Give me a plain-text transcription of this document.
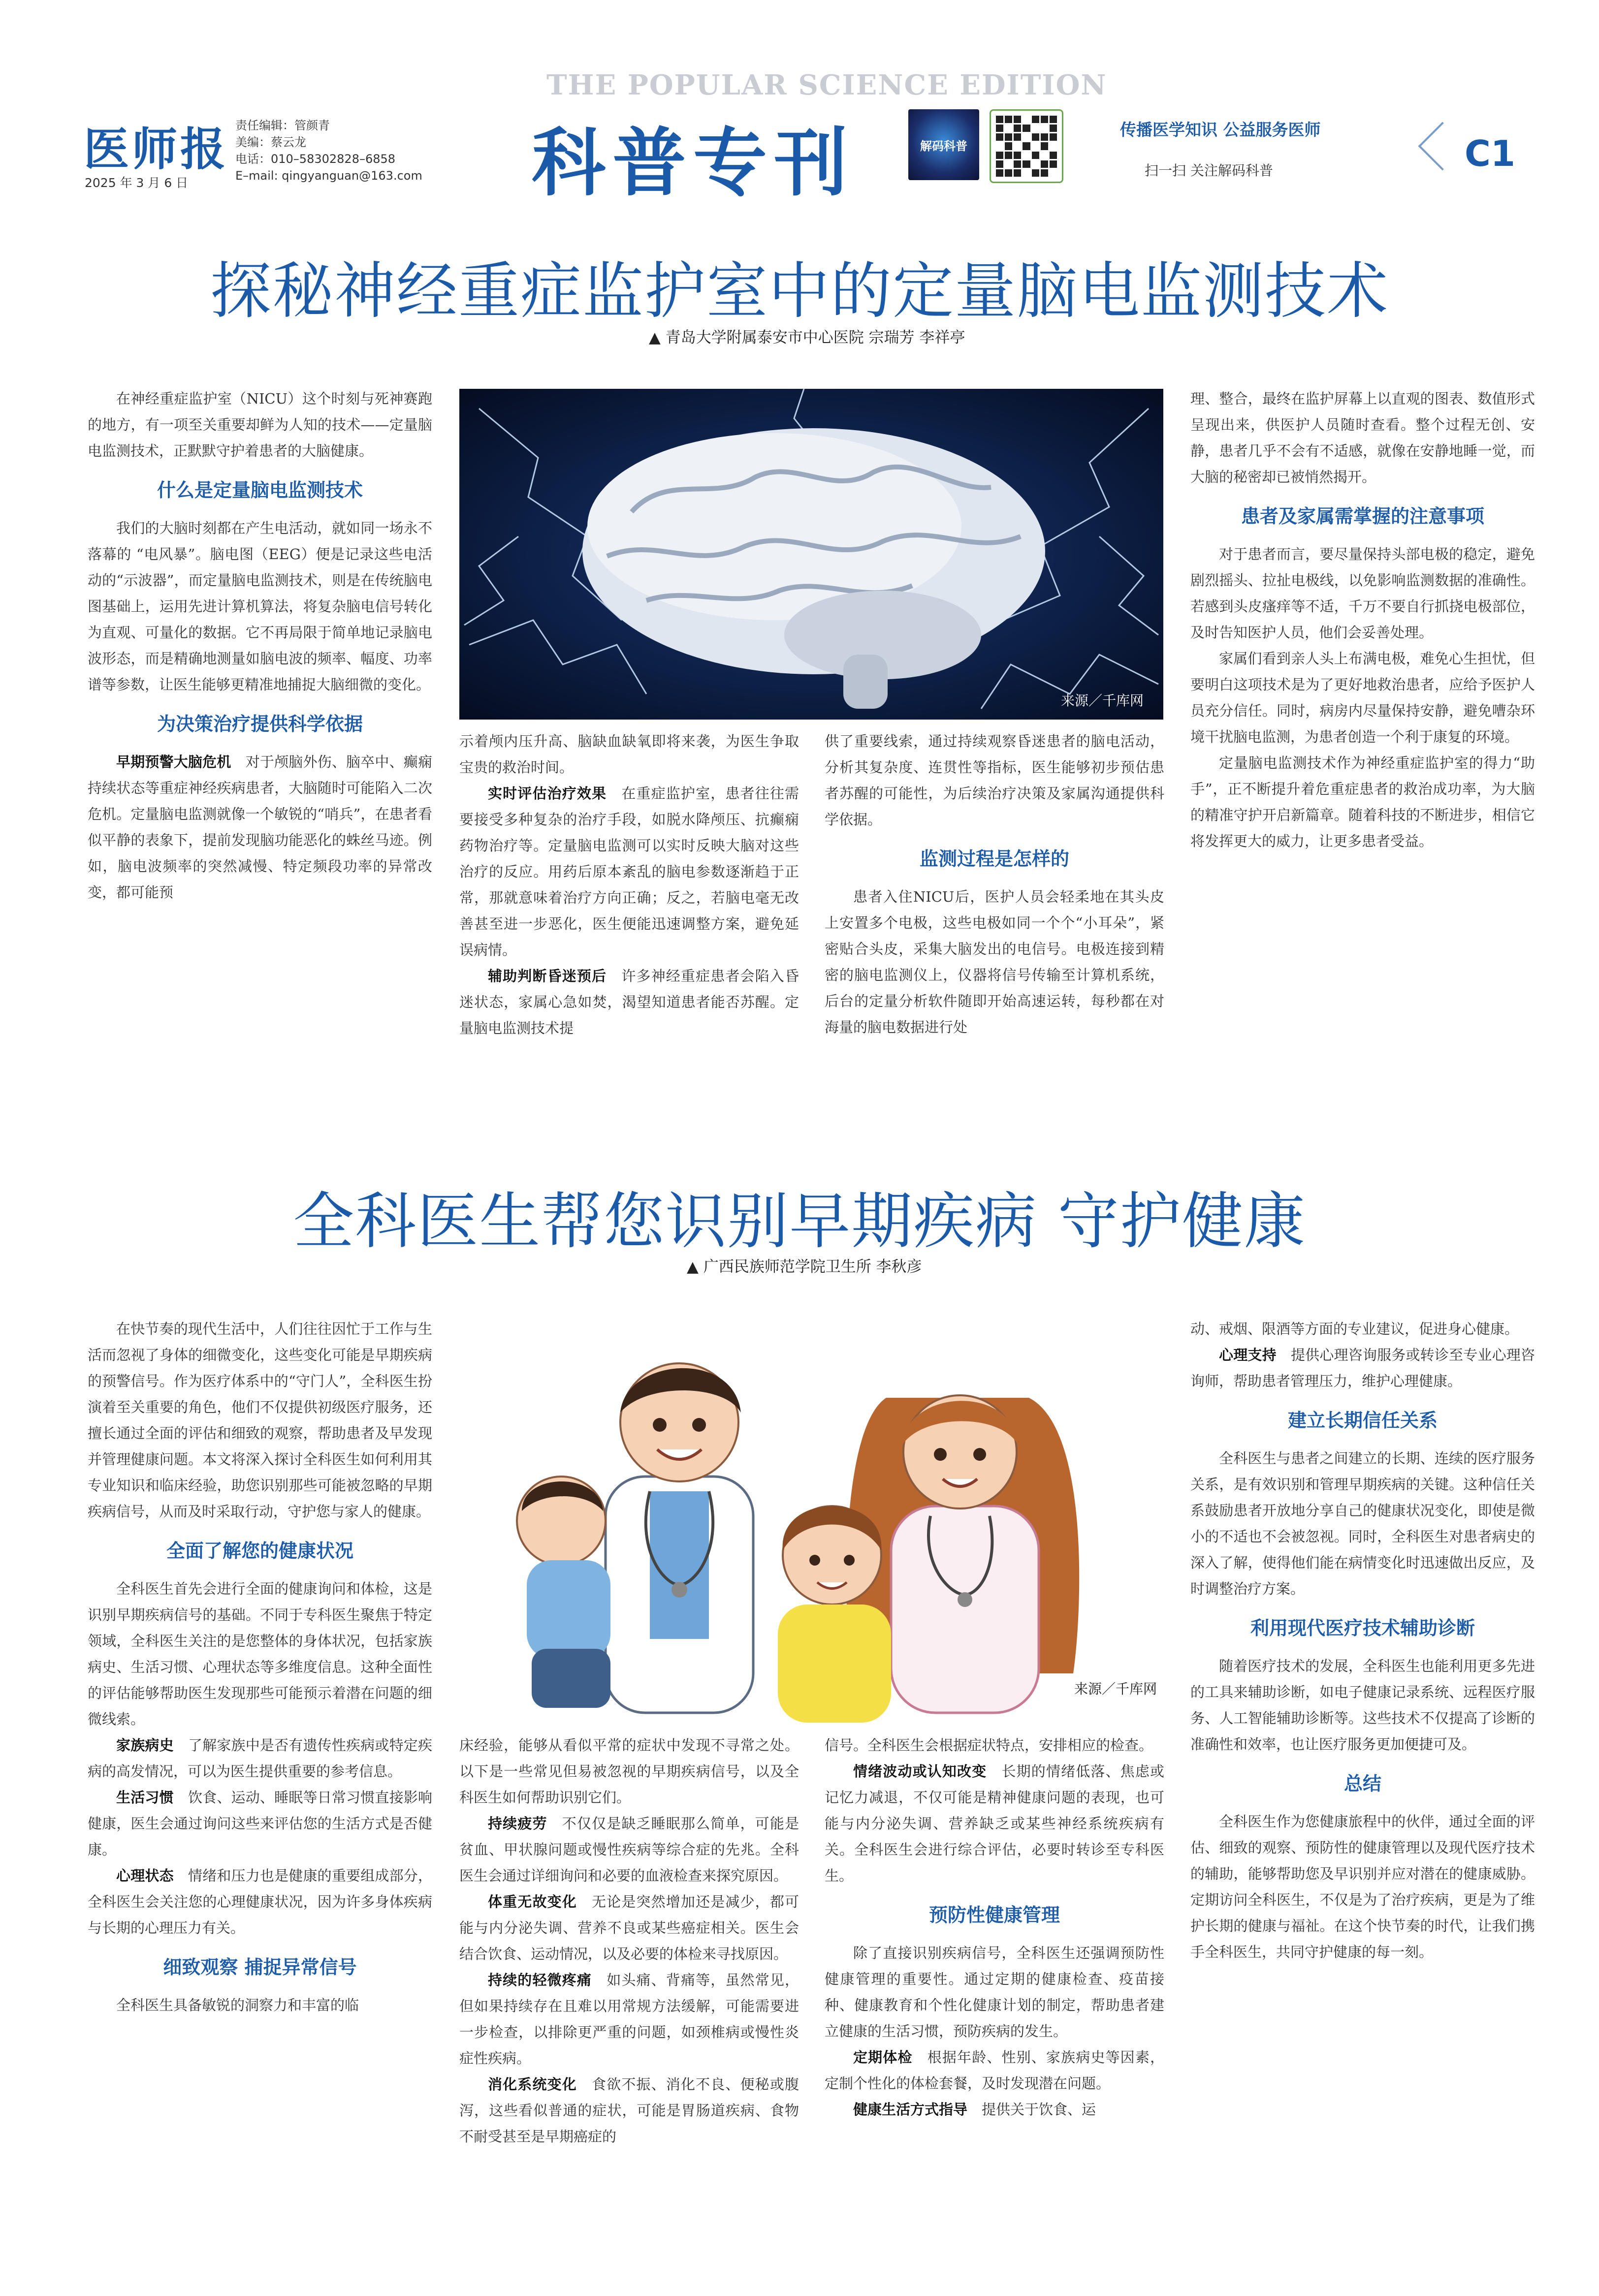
医师报
2025 年 3 月 6 日
责任编辑：管颜青
美编：蔡云龙
电话：010–58302828–6858
E–mail: qingyanguan@163.com
THE POPULAR SCIENCE EDITION
科普专刊	解码科普
传播医学知识 公益服务医师
扫一扫 关注解码科普	C1
探秘神经重症监护室中的定量脑电监测技术
▲ 青岛大学附属泰安市中心医院 宗瑞芳 李祥亭

在神经重症监护室（NICU）这个时刻与死神赛跑的地方，有一项至关重要却鲜为人知的技术——定量脑电监测技术，正默默守护着患者的大脑健康。

什么是定量脑电监测技术

我们的大脑时刻都在产生电活动，就如同一场永不落幕的 “电风暴”。脑电图（EEG）便是记录这些电活动的“示波器”，而定量脑电监测技术，则是在传统脑电图基础上，运用先进计算机算法，将复杂脑电信号转化为直观、可量化的数据。它不再局限于简单地记录脑电波形态，而是精确地测量如脑电波的频率、幅度、功率谱等参数，让医生能够更精准地捕捉大脑细微的变化。

为决策治疗提供科学依据

早期预警大脑危机　 对于颅脑外伤、脑卒中、癫痫持续状态等重症神经疾病患者，大脑随时可能陷入二次危机。定量脑电监测就像一个敏锐的“哨兵”，在患者看似平静的表象下，提前发现脑功能恶化的蛛丝马迹。例如，脑电波频率的突然减慢、特定频段功率的异常改变，都可能预

来源／千库网

示着颅内压升高、脑缺血缺氧即将来袭，为医生争取宝贵的救治时间。

实时评估治疗效果　 在重症监护室，患者往往需要接受多种复杂的治疗手段，如脱水降颅压、抗癫痫药物治疗等。定量脑电监测可以实时反映大脑对这些治疗的反应。用药后原本紊乱的脑电参数逐渐趋于正常，那就意味着治疗方向正确；反之，若脑电毫无改善甚至进一步恶化，医生便能迅速调整方案，避免延误病情。

辅助判断昏迷预后　 许多神经重症患者会陷入昏迷状态，家属心急如焚，渴望知道患者能否苏醒。定量脑电监测技术提

供了重要线索，通过持续观察昏迷患者的脑电活动，分析其复杂度、连贯性等指标，医生能够初步预估患者苏醒的可能性，为后续治疗决策及家属沟通提供科学依据。

监测过程是怎样的

患者入住NICU后，医护人员会轻柔地在其头皮上安置多个电极，这些电极如同一个个“小耳朵”，紧密贴合头皮，采集大脑发出的电信号。电极连接到精密的脑电监测仪上，仪器将信号传输至计算机系统，后台的定量分析软件随即开始高速运转，每秒都在对海量的脑电数据进行处

理、整合，最终在监护屏幕上以直观的图表、数值形式呈现出来，供医护人员随时查看。整个过程无创、安静，患者几乎不会有不适感，就像在安静地睡一觉，而大脑的秘密却已被悄然揭开。

患者及家属需掌握的注意事项

对于患者而言，要尽量保持头部电极的稳定，避免剧烈摇头、拉扯电极线，以免影响监测数据的准确性。若感到头皮瘙痒等不适，千万不要自行抓挠电极部位，及时告知医护人员，他们会妥善处理。

家属们看到亲人头上布满电极，难免心生担忧，但要明白这项技术是为了更好地救治患者，应给予医护人员充分信任。同时，病房内尽量保持安静，避免嘈杂环境干扰脑电监测，为患者创造一个利于康复的环境。

定量脑电监测技术作为神经重症监护室的得力“助手”，正不断提升着危重症患者的救治成功率，为大脑的精准守护开启新篇章。随着科技的不断进步，相信它将发挥更大的威力，让更多患者受益。

全科医生帮您识别早期疾病 守护健康
▲ 广西民族师范学院卫生所 李秋彦

在快节奏的现代生活中，人们往往因忙于工作与生活而忽视了身体的细微变化，这些变化可能是早期疾病的预警信号。作为医疗体系中的“守门人”，全科医生扮演着至关重要的角色，他们不仅提供初级医疗服务，还擅长通过全面的评估和细致的观察，帮助患者及早发现并管理健康问题。本文将深入探讨全科医生如何利用其专业知识和临床经验，助您识别那些可能被忽略的早期疾病信号，从而及时采取行动，守护您与家人的健康。

全面了解您的健康状况

全科医生首先会进行全面的健康询问和体检，这是识别早期疾病信号的基础。不同于专科医生聚焦于特定领域，全科医生关注的是您整体的身体状况，包括家族病史、生活习惯、心理状态等多维度信息。这种全面性的评估能够帮助医生发现那些可能预示着潜在问题的细微线索。

家族病史　 了解家族中是否有遗传性疾病或特定疾病的高发情况，可以为医生提供重要的参考信息。

生活习惯　 饮食、运动、睡眠等日常习惯直接影响健康，医生会通过询问这些来评估您的生活方式是否健康。

心理状态　 情绪和压力也是健康的重要组成部分，全科医生会关注您的心理健康状况，因为许多身体疾病与长期的心理压力有关。

细致观察 捕捉异常信号

全科医生具备敏锐的洞察力和丰富的临

来源／千库网

床经验，能够从看似平常的症状中发现不寻常之处。以下是一些常见但易被忽视的早期疾病信号，以及全科医生如何帮助识别它们。

持续疲劳　 不仅仅是缺乏睡眠那么简单，可能是贫血、甲状腺问题或慢性疾病等综合症的先兆。全科医生会通过详细询问和必要的血液检查来探究原因。

体重无故变化　 无论是突然增加还是减少，都可能与内分泌失调、营养不良或某些癌症相关。医生会结合饮食、运动情况，以及必要的体检来寻找原因。

持续的轻微疼痛　 如头痛、背痛等，虽然常见，但如果持续存在且难以用常规方法缓解，可能需要进一步检查，以排除更严重的问题，如颈椎病或慢性炎症性疾病。

消化系统变化　 食欲不振、消化不良、便秘或腹泻，这些看似普通的症状，可能是胃肠道疾病、食物不耐受甚至是早期癌症的

信号。全科医生会根据症状特点，安排相应的检查。

情绪波动或认知改变　 长期的情绪低落、焦虑或记忆力减退，不仅可能是精神健康问题的表现，也可能与内分泌失调、营养缺乏或某些神经系统疾病有关。全科医生会进行综合评估，必要时转诊至专科医生。

预防性健康管理

除了直接识别疾病信号，全科医生还强调预防性健康管理的重要性。通过定期的健康检查、疫苗接种、健康教育和个性化健康计划的制定，帮助患者建立健康的生活习惯，预防疾病的发生。

定期体检　 根据年龄、性别、家族病史等因素，定制个性化的体检套餐，及时发现潜在问题。

健康生活方式指导　 提供关于饮食、运

动、戒烟、限酒等方面的专业建议，促进身心健康。

心理支持　 提供心理咨询服务或转诊至专业心理咨询师，帮助患者管理压力，维护心理健康。

建立长期信任关系

全科医生与患者之间建立的长期、连续的医疗服务关系，是有效识别和管理早期疾病的关键。这种信任关系鼓励患者开放地分享自己的健康状况变化，即使是微小的不适也不会被忽视。同时，全科医生对患者病史的深入了解，使得他们能在病情变化时迅速做出反应，及时调整治疗方案。

利用现代医疗技术辅助诊断

随着医疗技术的发展，全科医生也能利用更多先进的工具来辅助诊断，如电子健康记录系统、远程医疗服务、人工智能辅助诊断等。这些技术不仅提高了诊断的准确性和效率，也让医疗服务更加便捷可及。

总结

全科医生作为您健康旅程中的伙伴，通过全面的评估、细致的观察、预防性的健康管理以及现代医疗技术的辅助，能够帮助您及早识别并应对潜在的健康威胁。定期访问全科医生，不仅是为了治疗疾病，更是为了维护长期的健康与福祉。在这个快节奏的时代，让我们携手全科医生，共同守护健康的每一刻。
